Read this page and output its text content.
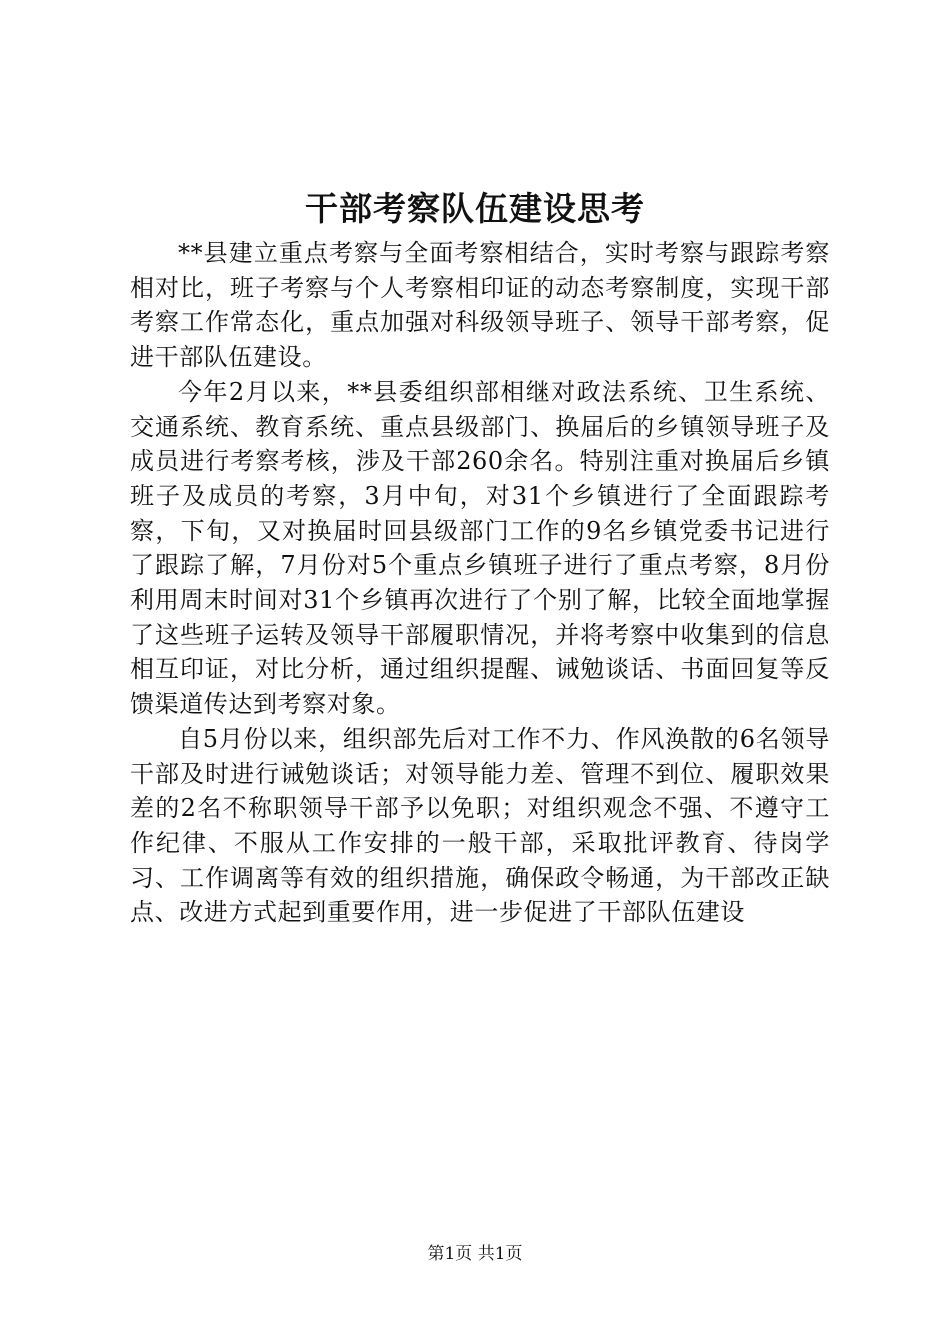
干部考察队伍建设思考

**县建立重点考察与全面考察相结合，实时考察与跟踪考察相对比，班子考察与个人考察相印证的动态考察制度，实现干部考察工作常态化，重点加强对科级领导班子、领导干部考察，促进干部队伍建设。

今年2月以来，**县委组织部相继对政法系统、卫生系统、交通系统、教育系统、重点县级部门、换届后的乡镇领导班子及成员进行考察考核，涉及干部260余名。特别注重对换届后乡镇班子及成员的考察，3月中旬，对31个乡镇进行了全面跟踪考察，下旬，又对换届时回县级部门工作的9名乡镇党委书记进行了跟踪了解，7月份对5个重点乡镇班子进行了重点考察，8月份利用周末时间对31个乡镇再次进行了个别了解，比较全面地掌握了这些班子运转及领导干部履职情况，并将考察中收集到的信息相互印证，对比分析，通过组织提醒、诫勉谈话、书面回复等反馈渠道传达到考察对象。

自5月份以来，组织部先后对工作不力、作风涣散的6名领导干部及时进行诫勉谈话；对领导能力差、管理不到位、履职效果差的2名不称职领导干部予以免职；对组织观念不强、不遵守工作纪律、不服从工作安排的一般干部，采取批评教育、待岗学习、工作调离等有效的组织措施，确保政令畅通，为干部改正缺点、改进方式起到重要作用，进一步促进了干部队伍建设

第1页 共1页
